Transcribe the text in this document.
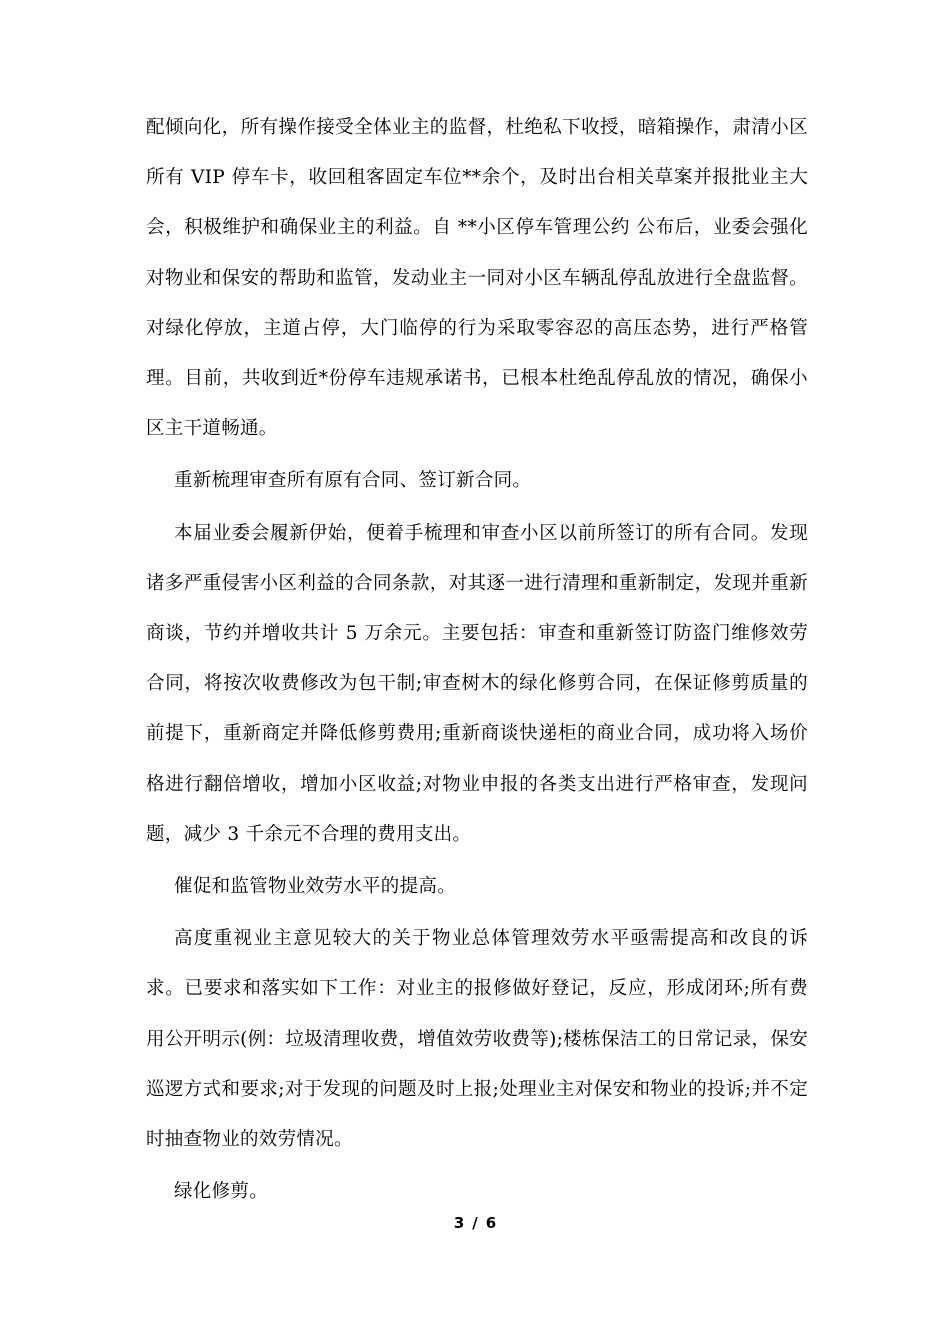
配倾向化，所有操作接受全体业主的监督，杜绝私下收授，暗箱操作，肃清小区所有 VIP 停车卡，收回租客固定车位**余个，及时出台相关草案并报批业主大会，积极维护和确保业主的利益。自 **小区停车管理公约 公布后，业委会强化对物业和保安的帮助和监管，发动业主一同对小区车辆乱停乱放进行全盘监督。对绿化停放，主道占停，大门临停的行为采取零容忍的高压态势，进行严格管理。目前，共收到近*份停车违规承诺书，已根本杜绝乱停乱放的情况，确保小区主干道畅通。

重新梳理审查所有原有合同、签订新合同。

本届业委会履新伊始，便着手梳理和审查小区以前所签订的所有合同。发现诸多严重侵害小区利益的合同条款，对其逐一进行清理和重新制定，发现并重新商谈，节约并增收共计 5 万余元。主要包括：审查和重新签订防盗门维修效劳合同，将按次收费修改为包干制;审查树木的绿化修剪合同，在保证修剪质量的前提下，重新商定并降低修剪费用;重新商谈快递柜的商业合同，成功将入场价格进行翻倍增收，增加小区收益;对物业申报的各类支出进行严格审查，发现问题，减少 3 千余元不合理的费用支出。

催促和监管物业效劳水平的提高。

高度重视业主意见较大的关于物业总体管理效劳水平亟需提高和改良的诉求。已要求和落实如下工作：对业主的报修做好登记，反应，形成闭环;所有费用公开明示(例：垃圾清理收费，增值效劳收费等);楼栋保洁工的日常记录，保安巡逻方式和要求;对于发现的问题及时上报;处理业主对保安和物业的投诉;并不定时抽查物业的效劳情况。

绿化修剪。

3 / 6
